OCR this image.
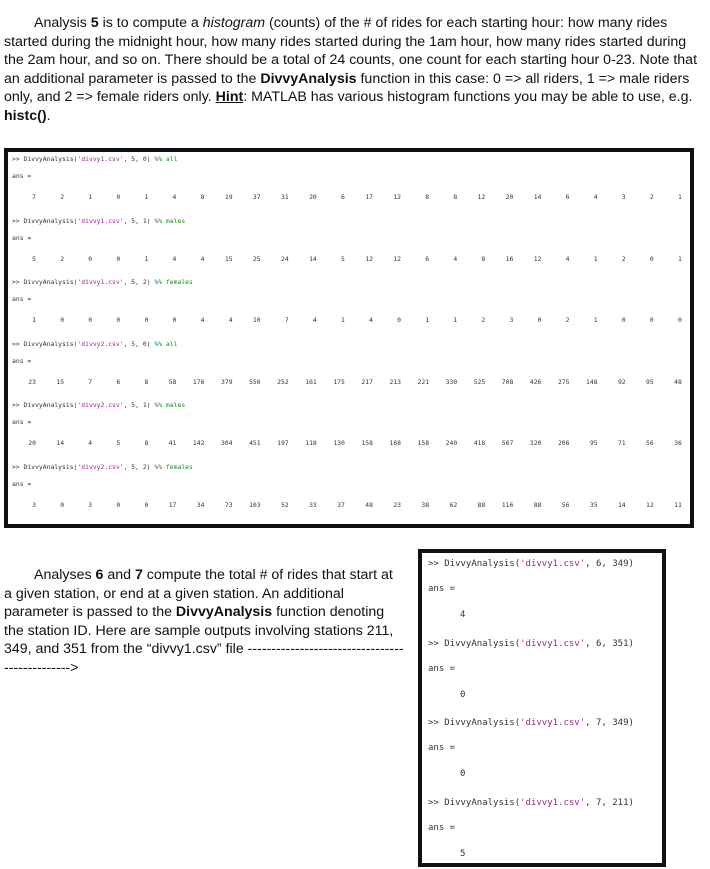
Analysis 5 is to compute a histogram (counts) of the # of rides for each starting hour: how many rides started during the midnight hour, how many rides started during the 1am hour, how many rides started during the 2am hour, and so on. There should be a total of 24 counts, one count for each starting hour 0-23. Note that an additional parameter is passed to the DivvyAnalysis function in this case: 0 => all riders, 1 => male riders only, and 2 => female riders only. Hint: MATLAB has various histogram functions you may be able to use, e.g. histc().
>> DivvyAnalysis('divvy1.csv', 5, 0) %% all
ans =
7	2	1	0	1	4	8	19	37	31	20	6	17	12	8	8	12	20	14	6	4	3	2	1
>> DivvyAnalysis('divvy1.csv', 5, 1) %% males
ans =
5	2	0	0	1	4	4	15	25	24	14	5	12	12	6	4	8	16	12	4	1	2	0	1
>> DivvyAnalysis('divvy1.csv', 5, 2) %% females
ans =
1	0	0	0	0	0	4	4	10	7	4	1	4	0	1	1	2	3	0	2	1	0	0	0
>> DivvyAnalysis('divvy2.csv', 5, 0) %% all
ans =
23	15	7	6	8	58	176	379	556	252	161	175	217	213	221	330	525	708	426	275	148	92	95	48
>> DivvyAnalysis('divvy2.csv', 5, 1) %% males
ans =
20	14	4	5	8	41	142	304	451	197	118	130	158	168	158	240	418	567	320	206	95	71	56	36
>> DivvyAnalysis('divvy2.csv', 5, 2) %% females
ans =
3	0	3	0	0	17	34	73	103	52	33	37	48	23	38	62	88	116	88	56	35	14	12	11
Analyses 6 and 7 compute the total # of rides that start at a given station, or end at a given station. An additional parameter is passed to the DivvyAnalysis function denoting the station ID. Here are sample outputs involving stations 211, 349, and 351 from the “divvy1.csv” file ----------------------------------------------->
>> DivvyAnalysis('divvy1.csv', 6, 349)
ans =
4
>> DivvyAnalysis('divvy1.csv', 6, 351)
ans =
0
>> DivvyAnalysis('divvy1.csv', 7, 349)
ans =
0
>> DivvyAnalysis('divvy1.csv', 7, 211)
ans =
5
